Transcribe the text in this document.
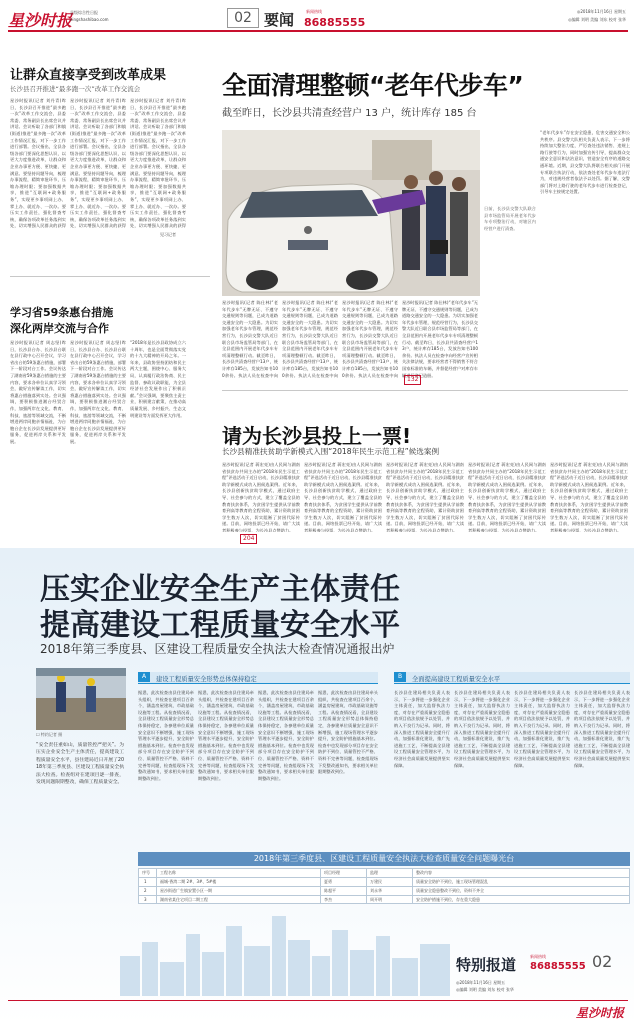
星沙时报
县级综合性日报
xingshashibao.com	02 要闻	新闻热线
86885555
◎2018年11月16日 星期五
◎编辑 刘明 美编 刘东 校对 张华
让群众直接享受到改革成果
长沙县召开推进“最多跑一次”改革工作交流会
星沙时报讯(记者 刘丹青)昨日，长沙县召开推进“最多跑一次”改革工作交流会，县委常委、常务副县长出席会议并讲话。会议听取了各部门和镇(街道)推进“最多跑一次”改革工作情况汇报，对下一步工作进行部署。会议指出，全县各级各部门要深化思想认识，以更大力度推进改革，让群众和企业办事更方便、更快捷、更满意。要坚持问题导向，梳理办事流程，精简审批环节，压缩办理时限；要加强数据共享，推进“互联网+政务服务”，实现更多事项网上办、掌上办、就近办、一次办。要压实工作责任，强化督查考核，确保各项改革任务落到实处，切实增强人民群众的获得
星沙时报讯(记者 刘丹青)昨日，长沙县召开推进“最多跑一次”改革工作交流会，县委常委、常务副县长出席会议并讲话。会议听取了各部门和镇(街道)推进“最多跑一次”改革工作情况汇报，对下一步工作进行部署。会议指出，全县各级各部门要深化思想认识，以更大力度推进改革，让群众和企业办事更方便、更快捷、更满意。要坚持问题导向，梳理办事流程，精简审批环节，压缩办理时限；要加强数据共享，推进“互联网+政务服务”，实现更多事项网上办、掌上办、就近办、一次办。要压实工作责任，强化督查考核，确保各项改革任务落到实处，切实增强人民群众的获得
星沙时报讯(记者 刘丹青)昨日，长沙县召开推进“最多跑一次”改革工作交流会，县委常委、常务副县长出席会议并讲话。会议听取了各部门和镇(街道)推进“最多跑一次”改革工作情况汇报，对下一步工作进行部署。会议指出，全县各级各部门要深化思想认识，以更大力度推进改革，让群众和企业办事更方便、更快捷、更满意。要坚持问题导向，梳理办事流程，精简审批环节，压缩办理时限；要加强数据共享，推进“互联网+政务服务”，实现更多事项网上办、掌上办、就近办、一次办。要压实工作责任，强化督查考核，确保各项改革任务落到实处，切实增强人民群众的获得
见习记者
学习省59条惠台措施
深化两岸交流与合作
星沙时报讯(记者 周志坚)昨日，长沙县台办、长沙县台联在县行政中心召开会议，学习省出台的59条惠台措施，部署下一阶段对台工作。会议传达了湖南省59条惠台措施的主要内容，要求各单位认真学习领会，做好宣传解读工作，切实将惠台措施落到实处。会议强调，要积极推进湘台经贸合作，加强两岸在文化、教育、科技、旅游等领域交流，不断增进两岸同胞亲情福祉，为台胞台企在长沙县发展提供更好服务，促进两岸关系和平发展。
星沙时报讯(记者 周志坚)昨日，长沙县台办、长沙县台联在县行政中心召开会议，学习省出台的59条惠台措施，部署下一阶段对台工作。会议传达了湖南省59条惠台措施的主要内容，要求各单位认真学习领会，做好宣传解读工作，切实将惠台措施落到实处。会议强调，要积极推进湘台经贸合作，加强两岸在文化、教育、科技、旅游等领域交流，不断增进两岸同胞亲情福祉，为台胞台企在长沙县发展提供更好服务，促进两岸关系和平发展。
“2018年是长沙县政协成立六十周年，也是全面贯彻落实党的十九大精神的开局之年。一年来，县政协坚持团结和民主两大主题，围绕中心、服务大局，认真履行政治协商、民主监督、参政议政职能，为全县经济社会发展作出了积极贡献。”会议强调，要聚焦主责主业，积极建言献策，在推动高质量发展、乡村振兴、生态文明建设等方面发挥更大作用。
全面清理整顿“老年代步车”
截至昨日，长沙县共清查经营户 13 户，统计库存 185 台
日前，长沙县交警大队联合县市场监管局开展老年代步车专项整治行动，对辖区内经营户进行清查。
星沙时报讯(记者 陈仕林)“老年代步车”无牌无证、不遵守交通规则等问题，已成为道路交通安全的一大隐患。为切实加强老年代步车管理，规范经营行为，长沙县交警大队近日联合县市场监管局等部门，在全县范围内开展老年代步车专项清理整顿行动。截至昨日，长沙县共清查经营户13户，统计库存185台，发放告知书100余份。执法人员在检查中向
星沙时报讯(记者 陈仕林)“老年代步车”无牌无证、不遵守交通规则等问题，已成为道路交通安全的一大隐患。为切实加强老年代步车管理，规范经营行为，长沙县交警大队近日联合县市场监管局等部门，在全县范围内开展老年代步车专项清理整顿行动。截至昨日，长沙县共清查经营户13户，统计库存185台，发放告知书100余份。执法人员在检查中向
星沙时报讯(记者 陈仕林)“老年代步车”无牌无证、不遵守交通规则等问题，已成为道路交通安全的一大隐患。为切实加强老年代步车管理，规范经营行为，长沙县交警大队近日联合县市场监管局等部门，在全县范围内开展老年代步车专项清理整顿行动。截至昨日，长沙县共清查经营户13户，统计库存185台，发放告知书100余份。执法人员在检查中向
星沙时报讯(记者 陈仕林)“老年代步车”无牌无证、不遵守交通规则等问题，已成为道路交通安全的一大隐患。为切实加强老年代步车管理，规范经营行为，长沙县交警大队近日联合县市场监管局等部门，在全县范围内开展老年代步车专项清理整顿行动。截至昨日，长沙县共清查经营户13户，统计库存185台，发放告知书100余份。执法人员在检查中向经营户宣传相关法律法规，要求经营者不得销售不符合国家标准的车辆，并督促经营户对库存车辆进行登记造册。
132
“老年代步车”存在安全隐患，危害交通安全和公共秩序。县交警大队相关负责人表示，下一步将持续加大整治力度，严厉查处违法销售、违规上路行驶等行为，同时加强宣传引导，提高群众交通安全意识和法治意识，营造安全有序的道路交通环境。近期，县交警大队将联合相关部门开展专项联合执法行动，依法查处老年代步车违法行为，对违规经营者依法予以处罚。据了解，交警部门将对上路行驶的老年代步车进行检查登记，引导车主按规定处置。
请为长沙县投上一票!
长沙县精准扶贫助学新模式入围“2018年民生示范工程”候选案例
星沙时报讯(记者 蒋宏亮)由人民网与湖南省扶贫办共同主办的“2018年民生示范工程”评选活动于近日启动，长沙县精准扶贫助学新模式成功入围候选案例。近年来，长沙县创新扶贫助学模式，通过政府主导、社会参与的方式，建立了覆盖全县的教育扶贫体系，为贫困学生提供从学前教育到高等教育的全程资助，累计资助贫困学生数万人次，切实阻断了贫困代际传递。目前，网络投票已经开始，请广大读者积极参与投票，为长沙县点赞助力。
星沙时报讯(记者 蒋宏亮)由人民网与湖南省扶贫办共同主办的“2018年民生示范工程”评选活动于近日启动，长沙县精准扶贫助学新模式成功入围候选案例。近年来，长沙县创新扶贫助学模式，通过政府主导、社会参与的方式，建立了覆盖全县的教育扶贫体系，为贫困学生提供从学前教育到高等教育的全程资助，累计资助贫困学生数万人次，切实阻断了贫困代际传递。目前，网络投票已经开始，请广大读者积极参与投票，为长沙县点赞助力。
星沙时报讯(记者 蒋宏亮)由人民网与湖南省扶贫办共同主办的“2018年民生示范工程”评选活动于近日启动，长沙县精准扶贫助学新模式成功入围候选案例。近年来，长沙县创新扶贫助学模式，通过政府主导、社会参与的方式，建立了覆盖全县的教育扶贫体系，为贫困学生提供从学前教育到高等教育的全程资助，累计资助贫困学生数万人次，切实阻断了贫困代际传递。目前，网络投票已经开始，请广大读者积极参与投票，为长沙县点赞助力。
星沙时报讯(记者 蒋宏亮)由人民网与湖南省扶贫办共同主办的“2018年民生示范工程”评选活动于近日启动，长沙县精准扶贫助学新模式成功入围候选案例。近年来，长沙县创新扶贫助学模式，通过政府主导、社会参与的方式，建立了覆盖全县的教育扶贫体系，为贫困学生提供从学前教育到高等教育的全程资助，累计资助贫困学生数万人次，切实阻断了贫困代际传递。目前，网络投票已经开始，请广大读者积极参与投票，为长沙县点赞助力。
星沙时报讯(记者 蒋宏亮)由人民网与湖南省扶贫办共同主办的“2018年民生示范工程”评选活动于近日启动，长沙县精准扶贫助学新模式成功入围候选案例。近年来，长沙县创新扶贫助学模式，通过政府主导、社会参与的方式，建立了覆盖全县的教育扶贫体系，为贫困学生提供从学前教育到高等教育的全程资助，累计资助贫困学生数万人次，切实阻断了贫困代际传递。目前，网络投票已经开始，请广大读者积极参与投票，为长沙县点赞助力。
204
压实企业安全生产主体责任
提高建设工程质量安全水平
2018年第三季度县、区建设工程质量安全执法大检查情况通报出炉
☐ 特约记者 摄
“安全责任重如山，质量管控严把关”。为压实企业安全生产主体责任，提高建设工程质量安全水平，县住建局近日开展了2018年第三季度县、区建设工程质量安全执法大检查。检查组对在建项目逐一排查，发现问题限期整改，确保工程质量安全。
A	建设工程质量安全形势总体保持稳定	B	全面提高建设工程质量安全水平
据悉，此次检查由县住建局牵头组织，共检查在建项目百余个，涵盖房屋建筑、市政基础设施等工程。从检查情况看，全县建设工程质量安全形势总体保持稳定，各参建单位质量安全意识不断增强，施工现场管理水平逐步提升，安全防护措施基本到位。检查中也发现部分项目存在安全防护不到位、质量管控不严格、资料不完善等问题，检查组现场下发整改通知书，要求相关单位限期整改到位。
据悉，此次检查由县住建局牵头组织，共检查在建项目百余个，涵盖房屋建筑、市政基础设施等工程。从检查情况看，全县建设工程质量安全形势总体保持稳定，各参建单位质量安全意识不断增强，施工现场管理水平逐步提升，安全防护措施基本到位。检查中也发现部分项目存在安全防护不到位、质量管控不严格、资料不完善等问题，检查组现场下发整改通知书，要求相关单位限期整改到位。
据悉，此次检查由县住建局牵头组织，共检查在建项目百余个，涵盖房屋建筑、市政基础设施等工程。从检查情况看，全县建设工程质量安全形势总体保持稳定，各参建单位质量安全意识不断增强，施工现场管理水平逐步提升，安全防护措施基本到位。检查中也发现部分项目存在安全防护不到位、质量管控不严格、资料不完善等问题，检查组现场下发整改通知书，要求相关单位限期整改到位。
据悉，此次检查由县住建局牵头组织，共检查在建项目百余个，涵盖房屋建筑、市政基础设施等工程。从检查情况看，全县建设工程质量安全形势总体保持稳定，各参建单位质量安全意识不断增强，施工现场管理水平逐步提升，安全防护措施基本到位。检查中也发现部分项目存在安全防护不到位、质量管控不严格、资料不完善等问题，检查组现场下发整改通知书，要求相关单位限期整改到位。
长沙县住建局相关负责人表示，下一步将进一步强化企业主体责任，加大监督执法力度，对存在严重质量安全隐患的项目依法依规予以处罚，并纳入不良行为记录。同时，将深入推进工程质量安全提升行动，加强标准化建设，推广先进施工工艺，不断提高全县建设工程质量安全管理水平，为经济社会高质量发展提供坚实保障。
长沙县住建局相关负责人表示，下一步将进一步强化企业主体责任，加大监督执法力度，对存在严重质量安全隐患的项目依法依规予以处罚，并纳入不良行为记录。同时，将深入推进工程质量安全提升行动，加强标准化建设，推广先进施工工艺，不断提高全县建设工程质量安全管理水平，为经济社会高质量发展提供坚实保障。
长沙县住建局相关负责人表示，下一步将进一步强化企业主体责任，加大监督执法力度，对存在严重质量安全隐患的项目依法依规予以处罚，并纳入不良行为记录。同时，将深入推进工程质量安全提升行动，加强标准化建设，推广先进施工工艺，不断提高全县建设工程质量安全管理水平，为经济社会高质量发展提供坚实保障。
长沙县住建局相关负责人表示，下一步将进一步强化企业主体责任，加大监督执法力度，对存在严重质量安全隐患的项目依法依规予以处罚，并纳入不良行为记录。同时，将深入推进工程质量安全提升行动，加强标准化建设，推广先进施工工艺，不断提高全县建设工程质量安全管理水平，为经济社会高质量发展提供坚实保障。
2018年第三季度县、区建设工程质量安全执法大检查质量安全问题曝光台
序号	工程名称	项目经理	监理	整改内容
1	福城·香湾二期 2#、3#、5#楼	夏勇	万建民	质量安全防护不到位，施工现场管理混乱
2	星沙街道广生镇安置小区一期	陈超平	刘永华	质量安全隐患整改不到位，资料不齐全
3	湖南省某住宅项目二期工程	李杰	周开明	安全防护措施不到位，存在重大隐患
特别报道	新闻热线
86885555 02
◎2018年11月16日 星期五
◎编辑 刘明 美编 刘东 校对 张华
星沙时报
